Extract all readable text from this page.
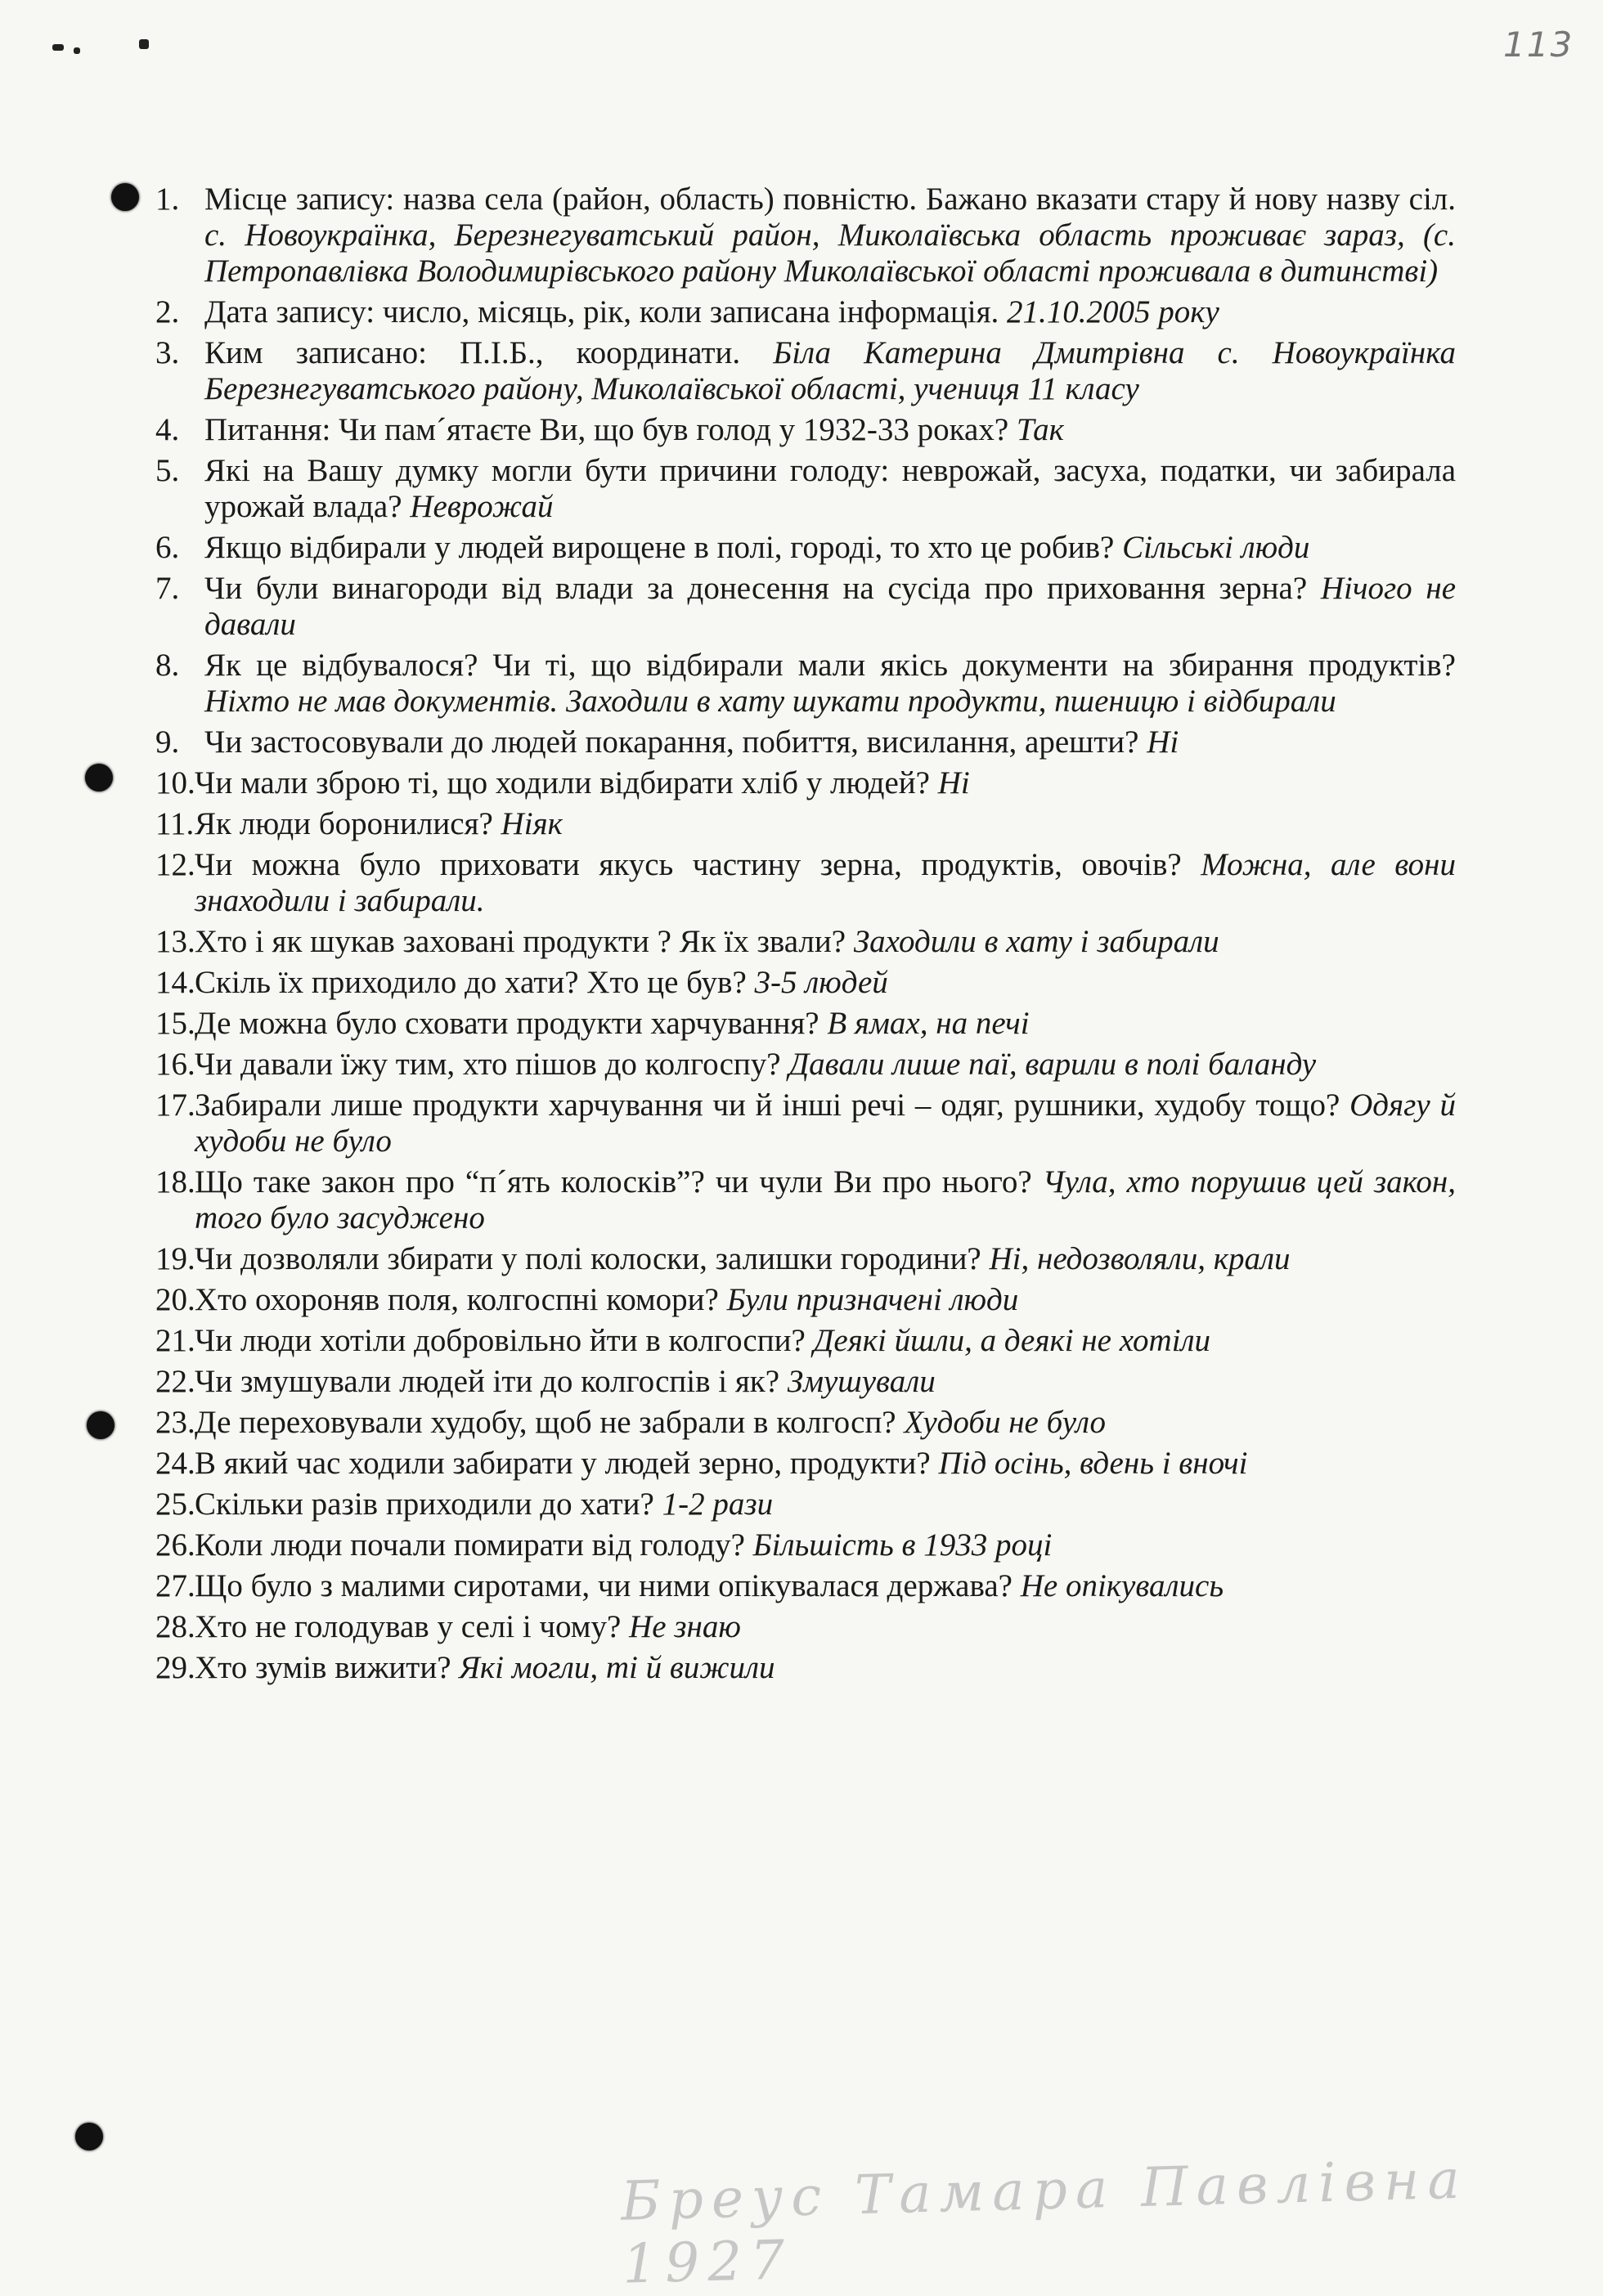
113
1. Місце запису: назва села (район, область) повністю. Бажано вказати стару й нову назву сіл. с. Новоукраїнка, Березнегуватський район, Миколаївська область проживає зараз, (с. Петропавлівка Володимирівського району Миколаївської області проживала в дитинстві)
2. Дата запису: число, місяць, рік, коли записана інформація. 21.10.2005 року
3. Ким записано: П.І.Б., координати. Біла Катерина Дмитрівна с. Новоукраїнка Березнегуватського району, Миколаївської області, учениця 11 класу
4. Питання: Чи пам´ятаєте Ви, що був голод у 1932-33 роках? Так
5. Які на Вашу думку могли бути причини голоду: неврожай, засуха, податки, чи забирала урожай влада? Неврожай
6. Якщо відбирали у людей вирощене в полі, городі, то хто це робив? Сільські люди
7. Чи були винагороди від влади за донесення на сусіда про приховання зерна? Нічого не давали
8. Як це відбувалося? Чи ті, що відбирали мали якісь документи на збирання продуктів? Ніхто не мав документів. Заходили в хату шукати продукти, пшеницю і відбирали
9. Чи застосовували до людей покарання, побиття, висилання, арешти? Ні
10. Чи мали зброю ті, що ходили відбирати хліб у людей? Ні
11. Як люди боронилися? Ніяк
12. Чи можна було приховати якусь частину зерна, продуктів, овочів? Можна, але вони знаходили і забирали.
13. Хто і як шукав заховані продукти ? Як їх звали? Заходили в хату і забирали
14. Скіль їх приходило до хати? Хто це був? 3-5 людей
15. Де можна було сховати продукти харчування? В ямах, на печі
16. Чи давали їжу тим, хто пішов до колгоспу? Давали лише паї, варили в полі баланду
17. Забирали лише продукти харчування чи й інші речі – одяг, рушники, худобу тощо? Одягу й худоби не було
18. Що таке закон про “п´ять колосків”? чи чули Ви про нього? Чула, хто порушив цей закон, того було засуджено
19. Чи дозволяли збирати у полі колоски, залишки городини? Ні, недозволяли, крали
20. Хто охороняв поля, колгоспні комори? Були призначені люди
21. Чи люди хотіли добровільно йти в колгоспи? Деякі йшли, а деякі не хотіли
22. Чи змушували людей іти до колгоспів і як? Змушували
23. Де переховували худобу, щоб не забрали в колгосп? Худоби не було
24. В який час ходили забирати у людей зерно, продукти? Під осінь, вдень і вночі
25. Скільки разів приходили до хати? 1-2 рази
26. Коли люди почали помирати від голоду? Більшість в 1933 році
27. Що було з малими сиротами, чи ними опікувалася держава? Не опікувались
28. Хто не голодував у селі і чому? Не знаю
29. Хто зумів вижити? Які могли, ті й вижили
Бреус Тамара Павлівна 1927
